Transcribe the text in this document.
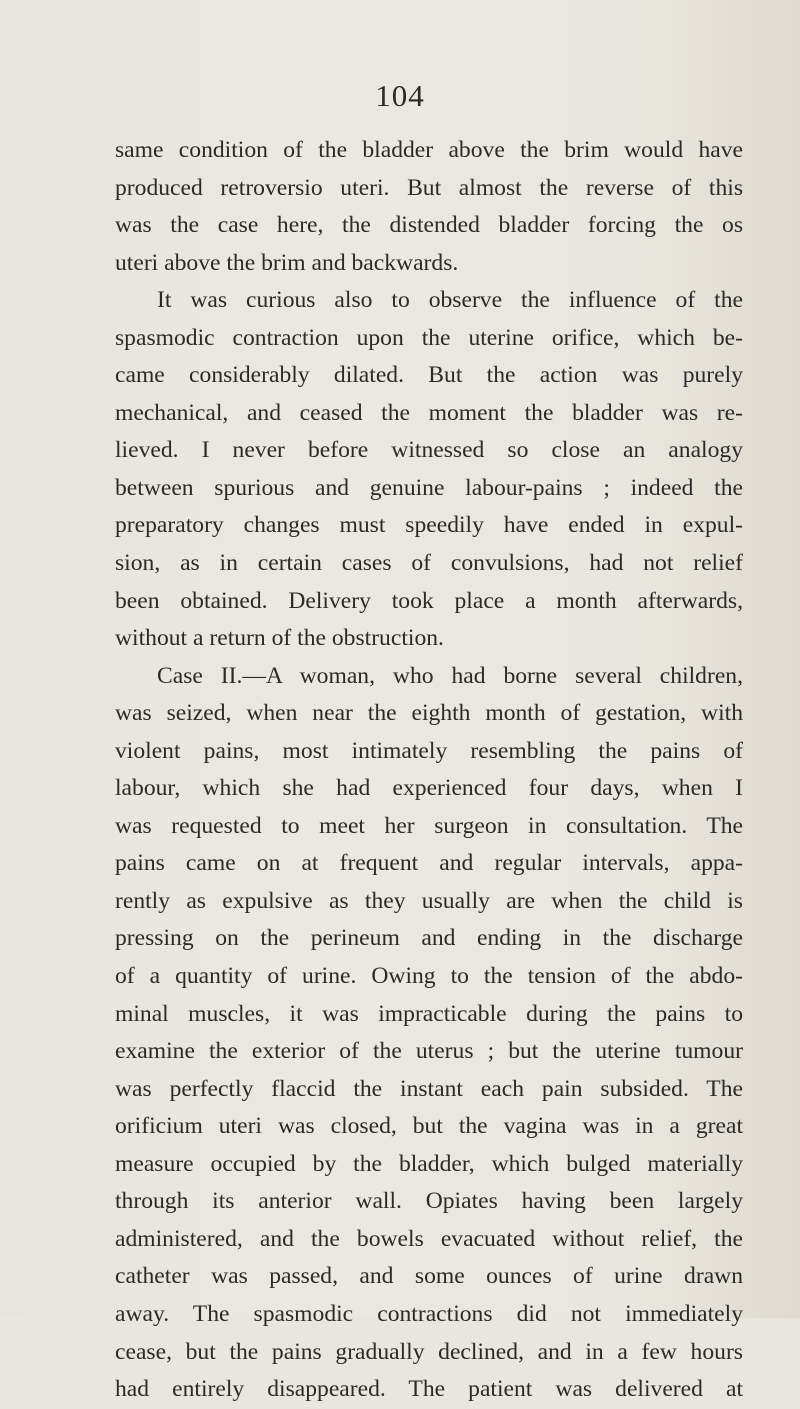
104
same condition of the bladder above the brim would have
produced retroversio uteri. But almost the reverse of this
was the case here, the distended bladder forcing the os
uteri above the brim and backwards.
It was curious also to observe the influence of the
spasmodic contraction upon the uterine orifice, which be-
came considerably dilated. But the action was purely
mechanical, and ceased the moment the bladder was re-
lieved. I never before witnessed so close an analogy
between spurious and genuine labour-pains ; indeed the
preparatory changes must speedily have ended in expul-
sion, as in certain cases of convulsions, had not relief
been obtained. Delivery took place a month afterwards,
without a return of the obstruction.
Case II.—A woman, who had borne several children,
was seized, when near the eighth month of gestation, with
violent pains, most intimately resembling the pains of
labour, which she had experienced four days, when I
was requested to meet her surgeon in consultation. The
pains came on at frequent and regular intervals, appa-
rently as expulsive as they usually are when the child is
pressing on the perineum and ending in the discharge
of a quantity of urine. Owing to the tension of the abdo-
minal muscles, it was impracticable during the pains to
examine the exterior of the uterus ; but the uterine tumour
was perfectly flaccid the instant each pain subsided. The
orificium uteri was closed, but the vagina was in a great
measure occupied by the bladder, which bulged materially
through its anterior wall. Opiates having been largely
administered, and the bowels evacuated without relief, the
catheter was passed, and some ounces of urine drawn
away. The spasmodic contractions did not immediately
cease, but the pains gradually declined, and in a few hours
had entirely disappeared. The patient was delivered at
